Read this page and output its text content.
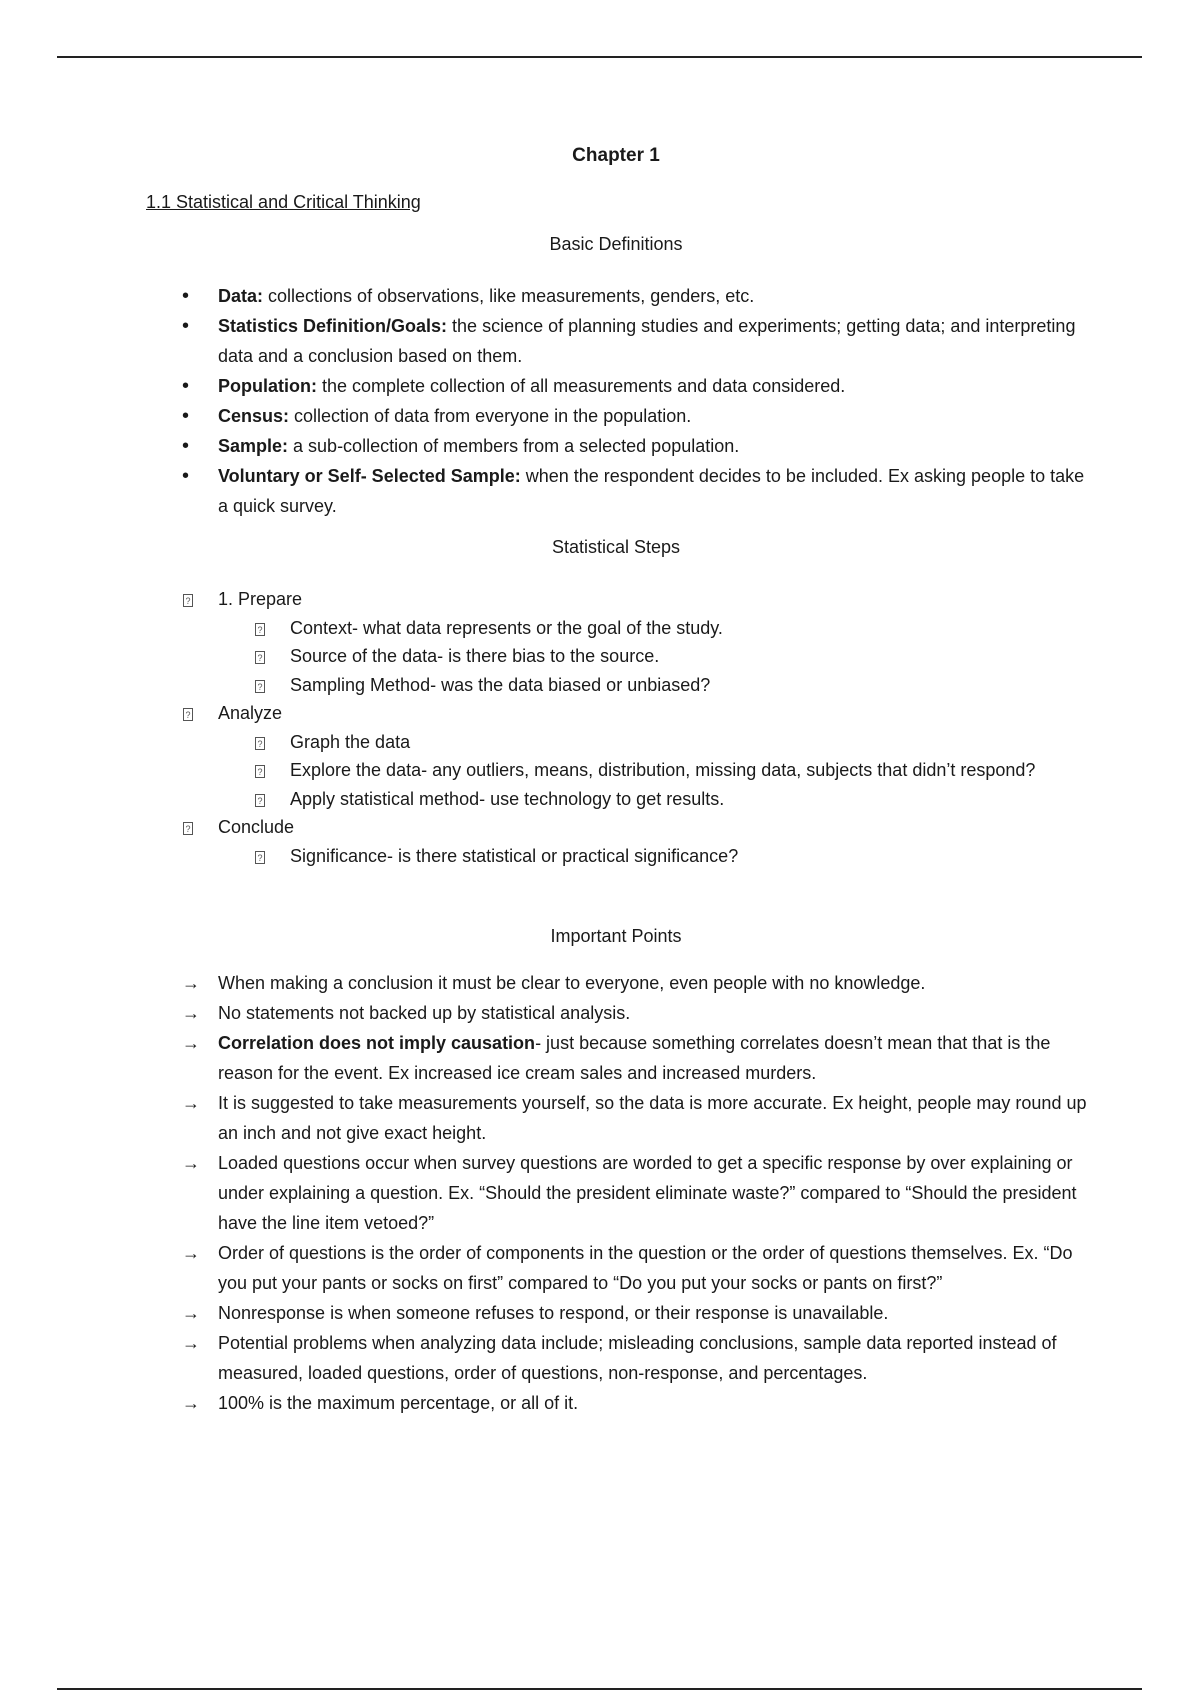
Chapter 1
1.1 Statistical and Critical Thinking
Basic Definitions
•	Data: collections of observations, like measurements, genders, etc.
•	Statistics Definition/Goals: the science of planning studies and experiments; getting data; and interpreting data and a conclusion based on them.
•	Population: the complete collection of all measurements and data considered.
•	Census: collection of data from everyone in the population.
•	Sample: a sub-collection of members from a selected population.
•	Voluntary or Self- Selected Sample: when the respondent decides to be included. Ex asking people to take a quick survey.
Statistical Steps
? 1. Prepare
? Context- what data represents or the goal of the study.
? Source of the data- is there bias to the source.
? Sampling Method- was the data biased or unbiased?
? Analyze
? Graph the data
? Explore the data- any outliers, means, distribution, missing data, subjects that didn’t respond?
? Apply statistical method- use technology to get results.
? Conclude
? Significance- is there statistical or practical significance?
Important Points
→ When making a conclusion it must be clear to everyone, even people with no knowledge.
→ No statements not backed up by statistical analysis.
→ Correlation does not imply causation- just because something correlates doesn’t mean that that is the reason for the event. Ex increased ice cream sales and increased murders.
→ It is suggested to take measurements yourself, so the data is more accurate. Ex height, people may round up an inch and not give exact height.
→ Loaded questions occur when survey questions are worded to get a specific response by over explaining or under explaining a question. Ex. “Should the president eliminate waste?” compared to “Should the president have the line item vetoed?”
→ Order of questions is the order of components in the question or the order of questions themselves. Ex. “Do you put your pants or socks on first” compared to “Do you put your socks or pants on first?”
→ Nonresponse is when someone refuses to respond, or their response is unavailable.
→ Potential problems when analyzing data include; misleading conclusions, sample data reported instead of measured, loaded questions, order of questions, non-response, and percentages.
→ 100% is the maximum percentage, or all of it.
